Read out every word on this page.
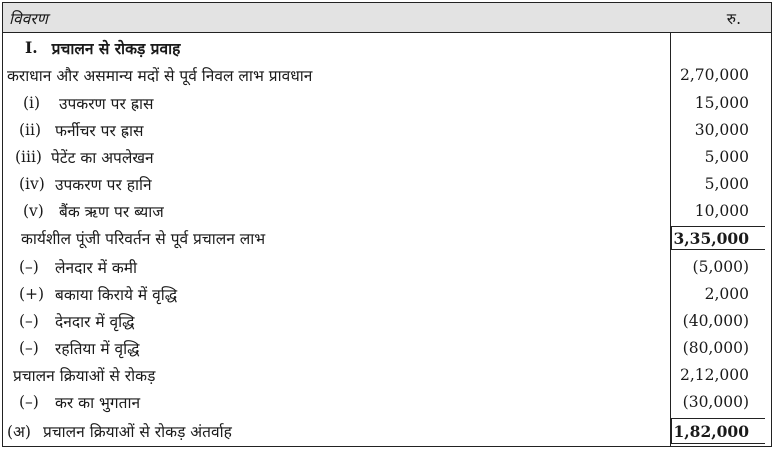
विवरण	रु.
I. प्रचालन से रोकड़ प्रवाह
कराधान और असमान्य मदों से पूर्व निवल लाभ प्रावधान	2,70,000
(i)	उपकरण पर ह्रास	15,000
(ii) फर्नीचर पर ह्रास	30,000
(iii) पेटेंट का अपलेखन	5,000
(iv) उपकरण पर हानि	5,000
(v) बैंक ऋण पर ब्याज	10,000
कार्यशील पूंजी परिवर्तन से पूर्व प्रचालन लाभ	3,35,000
(–)	लेनदार में कमी	(5,000)
(+) बकाया किराये में वृद्धि	2,000
(–)	देनदार में वृद्धि	(40,000)
(–)	रहतिया में वृद्धि	(80,000)
प्रचालन क्रियाओं से रोकड़	2,12,000
(–)	कर का भुगतान	(30,000)
(अ) प्रचालन क्रियाओं से रोकड़ अंतर्वाह	1,82,000
